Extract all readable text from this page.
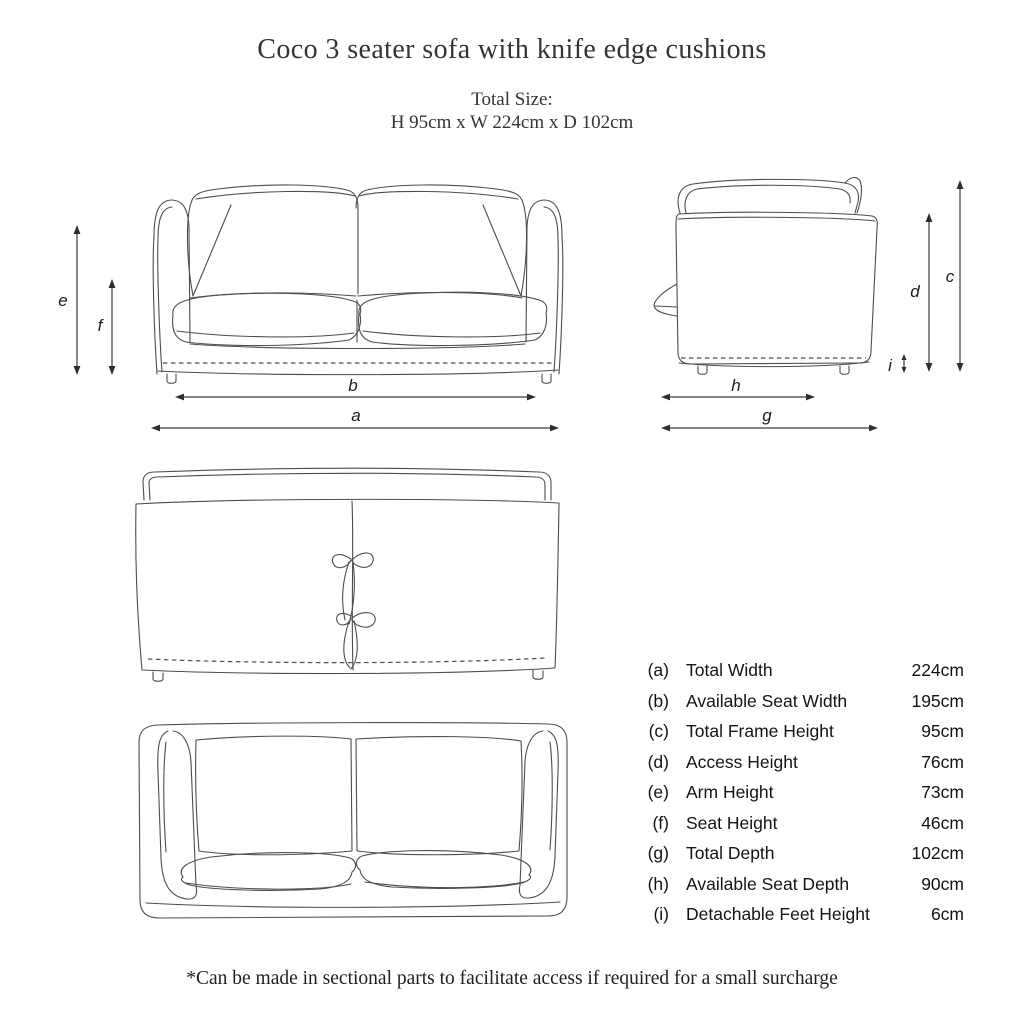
Coco 3 seater sofa with knife edge cushions
Total Size:
H 95cm x W 224cm x D 102cm
e
f
b
a
i
d
c
h
g
(a) Total Width	224cm
(b) Available Seat Width	195cm
(c) Total Frame Height	95cm
(d) Access Height	76cm
(e) Arm Height	73cm
(f) Seat Height	46cm
(g) Total Depth	102cm
(h) Available Seat Depth	90cm
(i) Detachable Feet Height	6cm
*Can be made in sectional parts to facilitate access if required for a small surcharge
